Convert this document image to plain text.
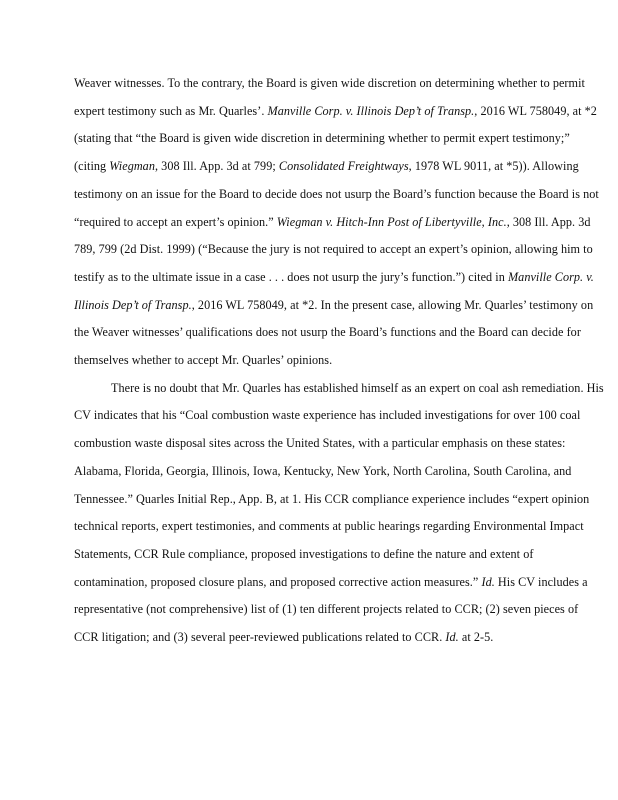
Weaver witnesses. To the contrary, the Board is given wide discretion on determining whether to permit expert testimony such as Mr. Quarles’. Manville Corp. v. Illinois Dep’t of Transp., 2016 WL 758049, at *2 (stating that “the Board is given wide discretion in determining whether to permit expert testimony;” (citing Wiegman, 308 Ill. App. 3d at 799; Consolidated Freightways, 1978 WL 9011, at *5)). Allowing testimony on an issue for the Board to decide does not usurp the Board’s function because the Board is not “required to accept an expert’s opinion.” Wiegman v. Hitch-Inn Post of Libertyville, Inc., 308 Ill. App. 3d 789, 799 (2d Dist. 1999) (“Because the jury is not required to accept an expert’s opinion, allowing him to testify as to the ultimate issue in a case . . . does not usurp the jury’s function.”) cited in Manville Corp. v. Illinois Dep’t of Transp., 2016 WL 758049, at *2. In the present case, allowing Mr. Quarles’ testimony on the Weaver witnesses’ qualifications does not usurp the Board’s functions and the Board can decide for themselves whether to accept Mr. Quarles’ opinions.

There is no doubt that Mr. Quarles has established himself as an expert on coal ash remediation. His CV indicates that his “Coal combustion waste experience has included investigations for over 100 coal combustion waste disposal sites across the United States, with a particular emphasis on these states: Alabama, Florida, Georgia, Illinois, Iowa, Kentucky, New York, North Carolina, South Carolina, and Tennessee.” Quarles Initial Rep., App. B, at 1. His CCR compliance experience includes “expert opinion technical reports, expert testimonies, and comments at public hearings regarding Environmental Impact Statements, CCR Rule compliance, proposed investigations to define the nature and extent of contamination, proposed closure plans, and proposed corrective action measures.” Id. His CV includes a representative (not comprehensive) list of (1) ten different projects related to CCR; (2) seven pieces of CCR litigation; and (3) several peer-reviewed publications related to CCR. Id. at 2-5.
